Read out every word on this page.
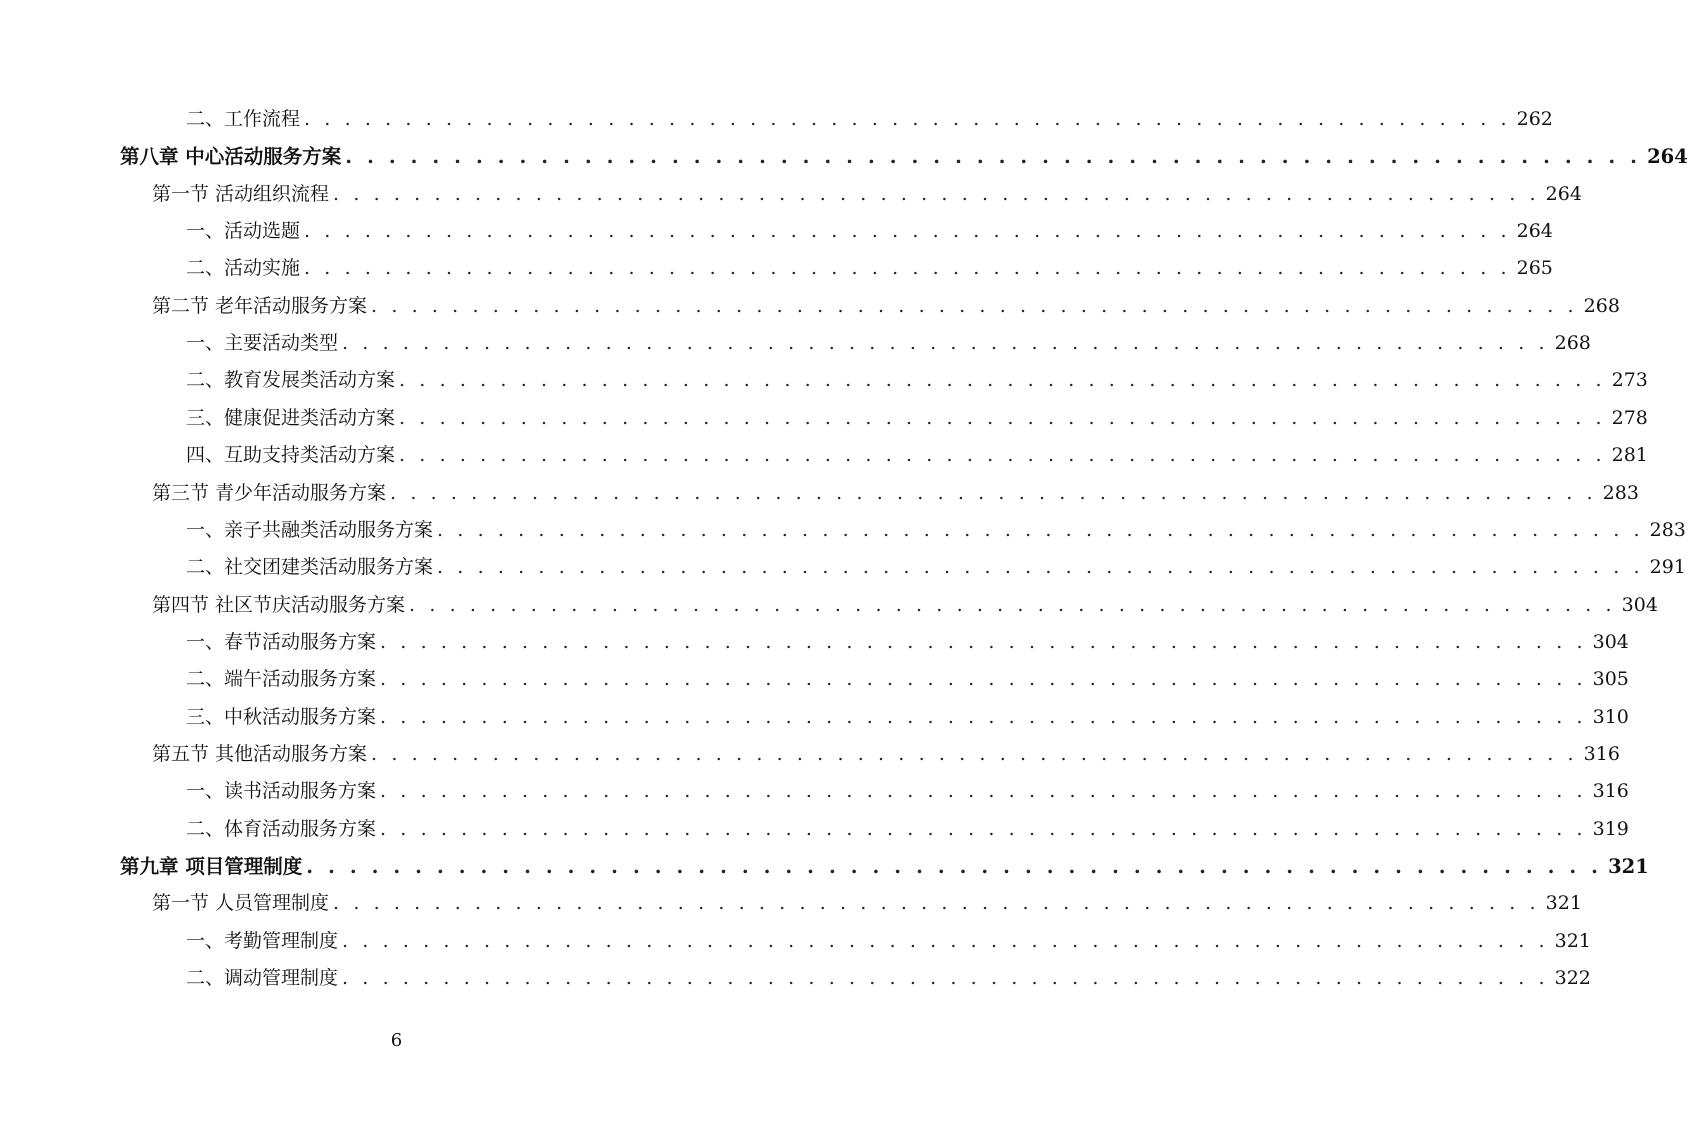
二、工作流程 . . . . . . . . . . . . . . . . . . . . . . . . . . . . . . . . . . . . . . . . . . . . . . . . . . . . . . . . . . . . 262
第八章 中心活动服务方案 . . . . . . . . . . . . . . . . . . . . . . . . . . . . . . . . . . . . . . . . . . . . . . . . . . . . . . . . . . . . 264
第一节 活动组织流程 . . . . . . . . . . . . . . . . . . . . . . . . . . . . . . . . . . . . . . . . . . . . . . . . . . . . . . . . . . . . 264
一、活动选题 . . . . . . . . . . . . . . . . . . . . . . . . . . . . . . . . . . . . . . . . . . . . . . . . . . . . . . . . . . . . 264
二、活动实施 . . . . . . . . . . . . . . . . . . . . . . . . . . . . . . . . . . . . . . . . . . . . . . . . . . . . . . . . . . . . 265
第二节 老年活动服务方案 . . . . . . . . . . . . . . . . . . . . . . . . . . . . . . . . . . . . . . . . . . . . . . . . . . . . . . . . . . . . 268
一、主要活动类型 . . . . . . . . . . . . . . . . . . . . . . . . . . . . . . . . . . . . . . . . . . . . . . . . . . . . . . . . . . . . 268
二、教育发展类活动方案 . . . . . . . . . . . . . . . . . . . . . . . . . . . . . . . . . . . . . . . . . . . . . . . . . . . . . . . . . . . . 273
三、健康促进类活动方案 . . . . . . . . . . . . . . . . . . . . . . . . . . . . . . . . . . . . . . . . . . . . . . . . . . . . . . . . . . . . 278
四、互助支持类活动方案 . . . . . . . . . . . . . . . . . . . . . . . . . . . . . . . . . . . . . . . . . . . . . . . . . . . . . . . . . . . . 281
第三节 青少年活动服务方案 . . . . . . . . . . . . . . . . . . . . . . . . . . . . . . . . . . . . . . . . . . . . . . . . . . . . . . . . . . . . 283
一、亲子共融类活动服务方案 . . . . . . . . . . . . . . . . . . . . . . . . . . . . . . . . . . . . . . . . . . . . . . . . . . . . . . . . . . . . 283
二、社交团建类活动服务方案 . . . . . . . . . . . . . . . . . . . . . . . . . . . . . . . . . . . . . . . . . . . . . . . . . . . . . . . . . . . . 291
第四节 社区节庆活动服务方案 . . . . . . . . . . . . . . . . . . . . . . . . . . . . . . . . . . . . . . . . . . . . . . . . . . . . . . . . . . . . 304
一、春节活动服务方案 . . . . . . . . . . . . . . . . . . . . . . . . . . . . . . . . . . . . . . . . . . . . . . . . . . . . . . . . . . . . 304
二、端午活动服务方案 . . . . . . . . . . . . . . . . . . . . . . . . . . . . . . . . . . . . . . . . . . . . . . . . . . . . . . . . . . . . 305
三、中秋活动服务方案 . . . . . . . . . . . . . . . . . . . . . . . . . . . . . . . . . . . . . . . . . . . . . . . . . . . . . . . . . . . . 310
第五节 其他活动服务方案 . . . . . . . . . . . . . . . . . . . . . . . . . . . . . . . . . . . . . . . . . . . . . . . . . . . . . . . . . . . . 316
一、读书活动服务方案 . . . . . . . . . . . . . . . . . . . . . . . . . . . . . . . . . . . . . . . . . . . . . . . . . . . . . . . . . . . . 316
二、体育活动服务方案 . . . . . . . . . . . . . . . . . . . . . . . . . . . . . . . . . . . . . . . . . . . . . . . . . . . . . . . . . . . . 319
第九章 项目管理制度 . . . . . . . . . . . . . . . . . . . . . . . . . . . . . . . . . . . . . . . . . . . . . . . . . . . . . . . . . . . . 321
第一节 人员管理制度 . . . . . . . . . . . . . . . . . . . . . . . . . . . . . . . . . . . . . . . . . . . . . . . . . . . . . . . . . . . . 321
一、考勤管理制度 . . . . . . . . . . . . . . . . . . . . . . . . . . . . . . . . . . . . . . . . . . . . . . . . . . . . . . . . . . . . 321
二、调动管理制度 . . . . . . . . . . . . . . . . . . . . . . . . . . . . . . . . . . . . . . . . . . . . . . . . . . . . . . . . . . . . 322
6
